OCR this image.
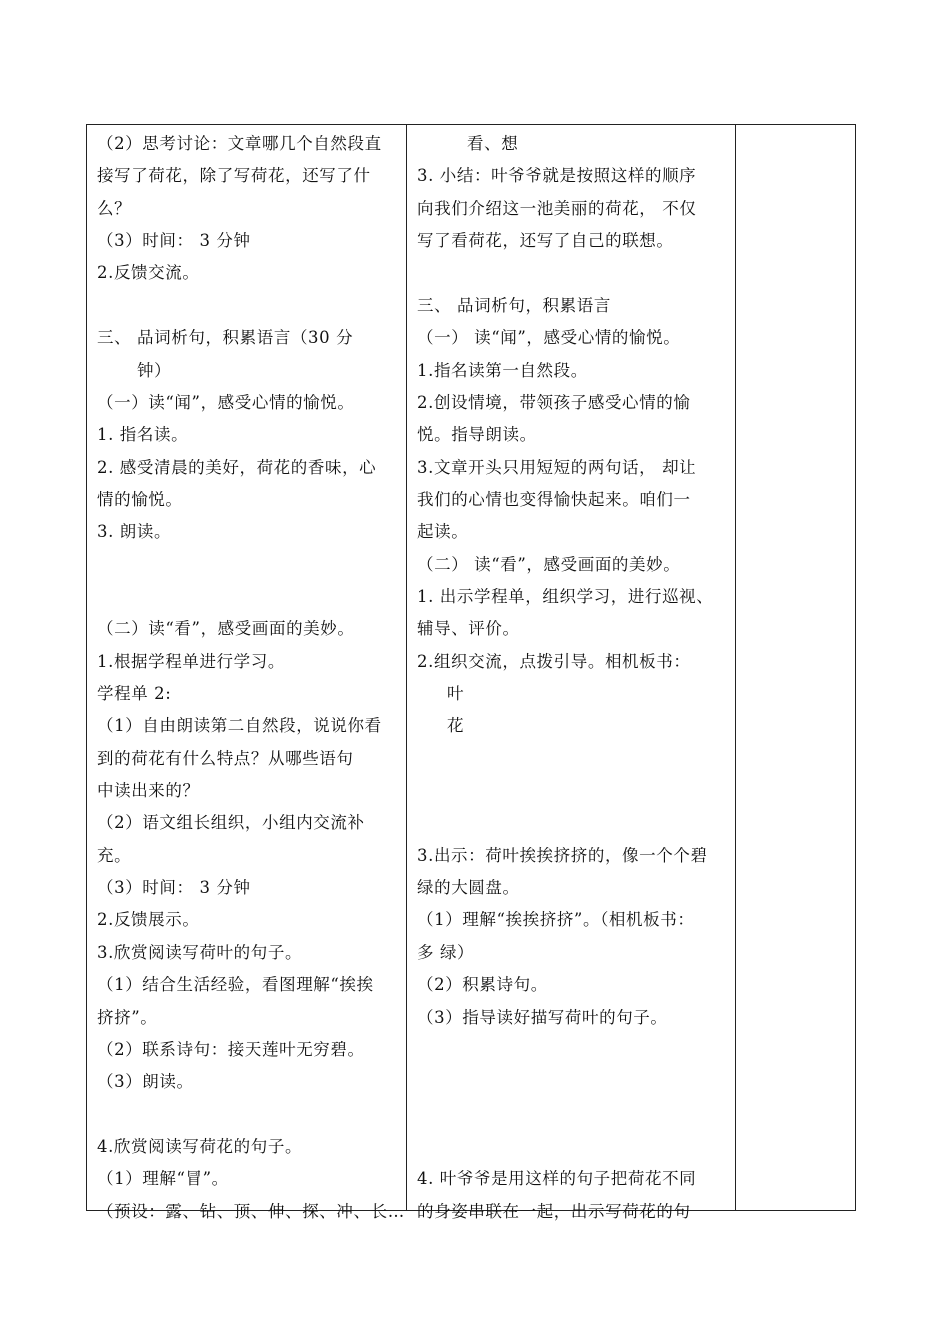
（2）思考讨论：文章哪几个自然段直
接写了荷花，除了写荷花，还写了什
么？
（3）时间： 3 分钟
2.反馈交流。
三、 品词析句，积累语言（30 分
钟）
（一）读“闻”，感受心情的愉悦。
1. 指名读。
2. 感受清晨的美好，荷花的香味，心
情的愉悦。
3. 朗读。
（二）读“看”，感受画面的美妙。
1.根据学程单进行学习。
学程单 2:
（1）自由朗读第二自然段，说说你看
到的荷花有什么特点？从哪些语句
中读出来的？
（2）语文组长组织，小组内交流补
充。
（3）时间： 3 分钟
2.反馈展示。
3.欣赏阅读写荷叶的句子。
（1）结合生活经验，看图理解“挨挨
挤挤”。
（2）联系诗句：接天莲叶无穷碧。
（3）朗读。
4.欣赏阅读写荷花的句子。
（1）理解“冒”。
（预设：露、钻、顶、伸、探、冲、长…
看、想
3. 小结：叶爷爷就是按照这样的顺序
向我们介绍这一池美丽的荷花， 不仅
写了看荷花，还写了自己的联想。
三、 品词析句，积累语言
（一） 读“闻”，感受心情的愉悦。
1.指名读第一自然段。
2.创设情境，带领孩子感受心情的愉
悦。指导朗读。
3.文章开头只用短短的两句话， 却让
我们的心情也变得愉快起来。咱们一
起读。
（二） 读“看”，感受画面的美妙。
1. 出示学程单，组织学习，进行巡视、
辅导、评价。
2.组织交流，点拨引导。相机板书：
叶
花
3.出示：荷叶挨挨挤挤的，像一个个碧
绿的大圆盘。
（1）理解“挨挨挤挤”。（相机板书：
多 绿）
（2）积累诗句。
（3）指导读好描写荷叶的句子。
4. 叶爷爷是用这样的句子把荷花不同
的身姿串联在一起，出示写荷花的句
